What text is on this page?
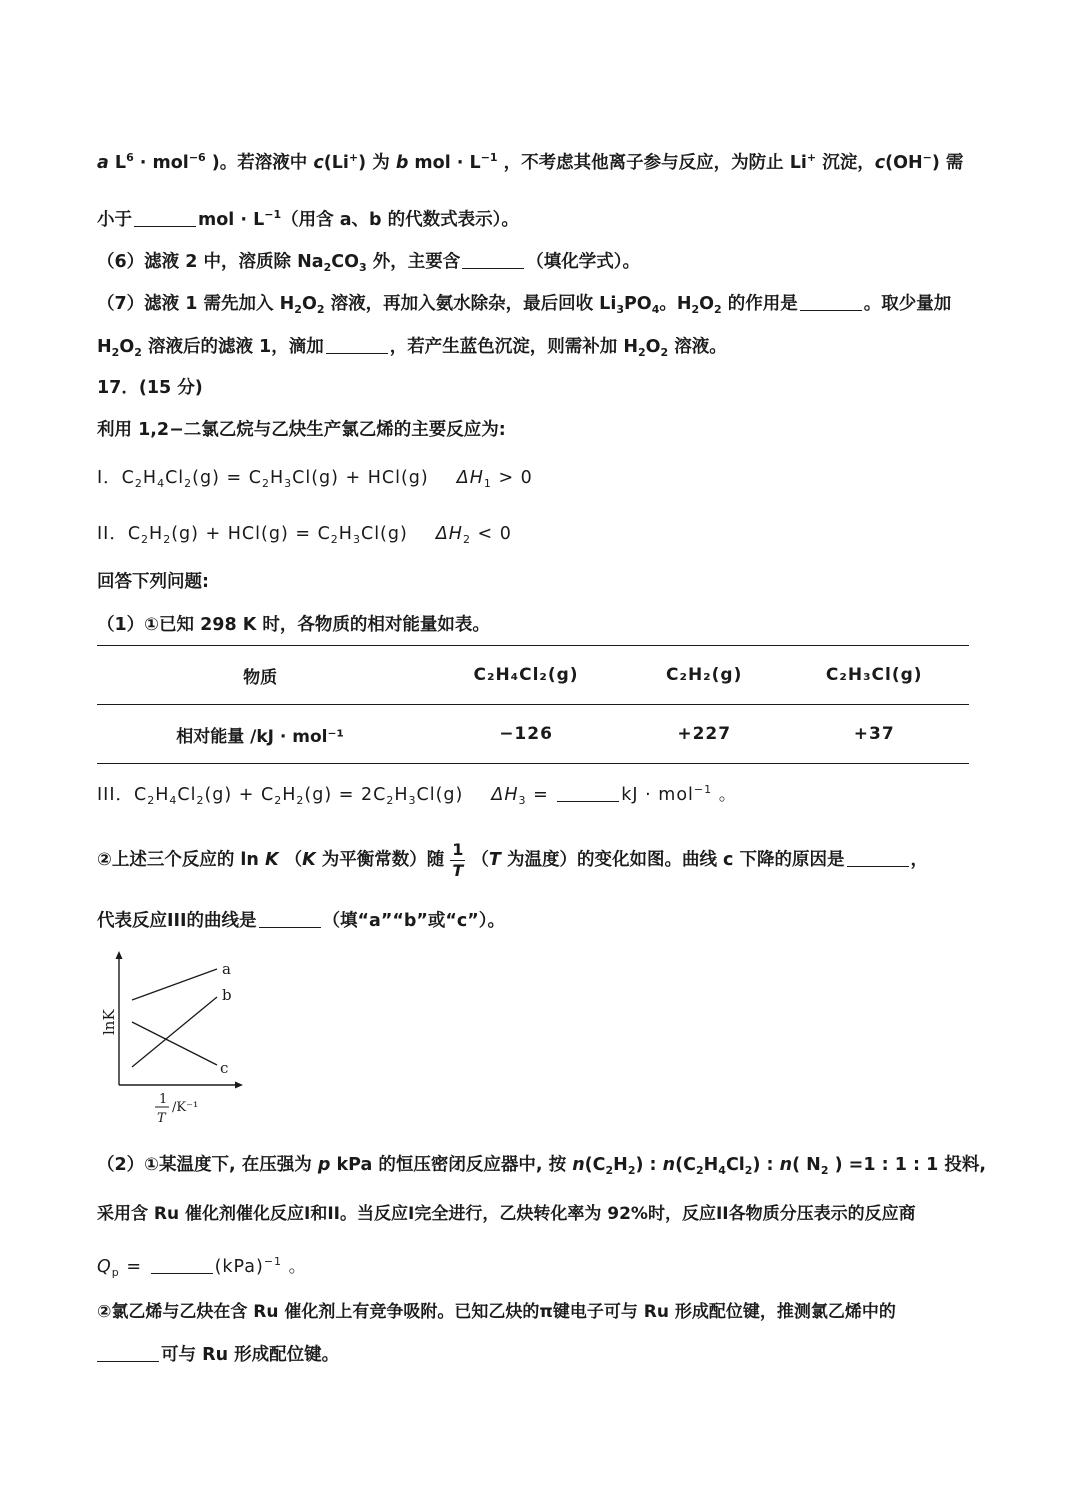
a $L^6 \cdot mol^{-6}$ )。若溶液中 c(Li+) 为 b mol · $L^{-1}$ ，不考虑其他离子参与反应，为防止 Li+ 沉淀，c(OH−) 需
小于	mol · $L^{-1}$（用含 a、b 的代数式表示）。
（6）滤液 2 中，溶质除 $Na_2CO_3$ 外，主要含	（填化学式）。
（7）滤液 1 需先加入 $H_2O_2$ 溶液，再加入氨水除杂，最后回收 $Li_3PO_4$。$H_2O_2$ 的作用是	。取少量加
$H_2O_2$ 溶液后的滤液 1，滴加	，若产生蓝色沉淀，则需补加 $H_2O_2$ 溶液。
17．(15 分)
利用 1,2−二氯乙烷与乙炔生产氯乙烯的主要反应为:
I．$C_2H_4Cl_2(g) = C_2H_3Cl(g) + HCl(g) \Delta H_1 > 0$
II．$C_2H_2(g) + HCl(g) = C_2H_3Cl(g) \Delta H_2 < 0$
回答下列问题:
（1）①已知 298 K 时，各物质的相对能量如表。
物质	C₂H₄Cl₂(g)	C₂H₂(g)	C₂H₃Cl(g)
相对能量 /kJ · mol⁻¹	−126	+227	+37
III．$C_2H_4Cl_2(g) + C_2H_2(g) = 2C_2H_3Cl(g) \Delta H_3$ =	kJ · mol$^{-1}$ 。
②上述三个反应的 ln K （K 为平衡常数）随 $\frac{1}{T} (T$ 为温度）的变化如图。曲线 c 下降的原因是	，
代表反应III的曲线是	（填“a”“b”或“c”）。
a
b
c
lnK
1
T
/K⁻¹
（2）①某温度下, 在压强为 p kPa 的恒压密闭反应器中, 按 $n(C_2H_2)$ : $n(C_2H_4Cl_2)$ : n( $N_2$ ) =1 : 1 : 1 投料,
采用含 Ru 催化剂催化反应I和II。当反应I完全进行，乙炔转化率为 92%时，反应II各物质分压表示的反应商
$Q_p$ =	(kPa)$^{-1}$ 。
②氯乙烯与乙炔在含 Ru 催化剂上有竞争吸附。已知乙炔的π键电子可与 Ru 形成配位键，推测氯乙烯中的
可与 Ru 形成配位键。
